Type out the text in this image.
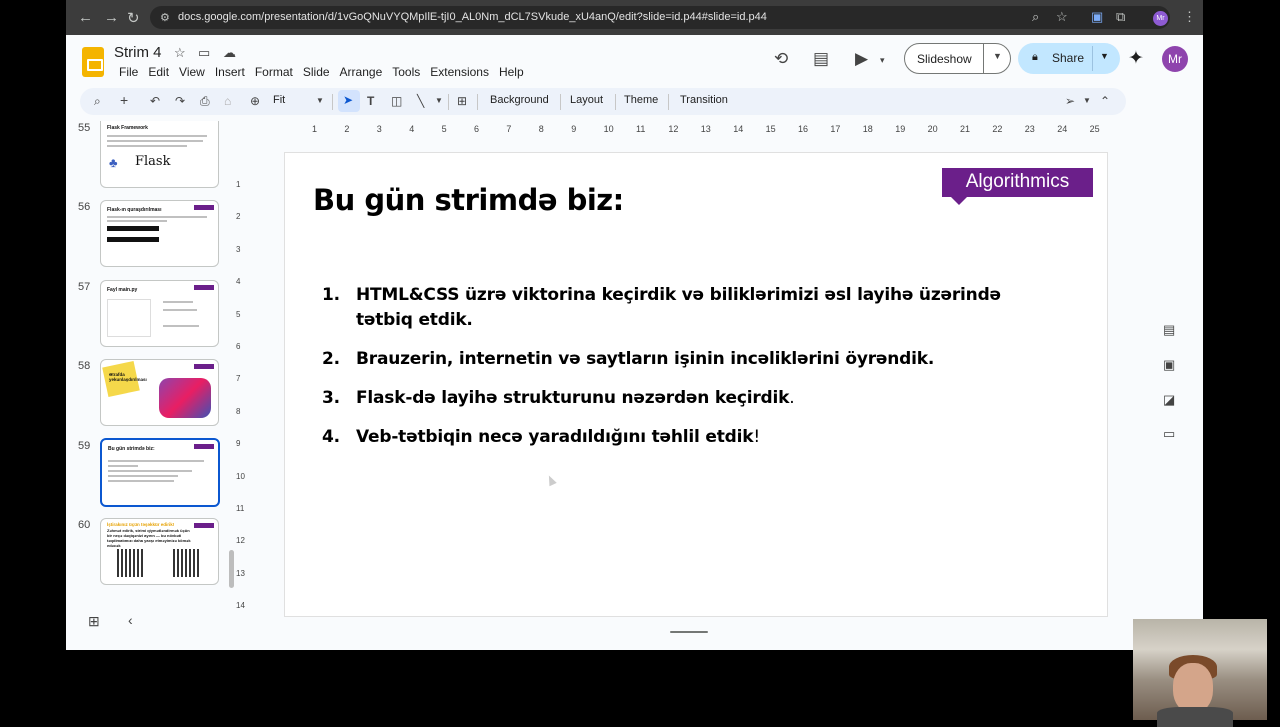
← → ↻ ⚙ docs.google.com/presentation/d/1vGoQNuVYQMpIlE-tjI0_AL0Nm_dCL7SVkude_xU4anQ/edit?slide=id.p44#slide=id.p44	⌕ ☆ ▣ ⧉	Mr ⋮
Strim 4 ☆ ▭ ☁
File Edit View Insert Format Slide Arrange Tools Extensions Help
⟲ ▤ ▶ ▾	Slideshow ▼	🔒︎ Share ▼ ✦	Mr
⌕ + ↶ ↷ ⎙ ⌂ ⊕ Fit	▼ ➤ T ◫ ╲ ▼ ⊞ Background Layout Theme Transition	➢ ▼ ⌃
55	Flask Framework
♣ Flask
56	Flask-ın quraşdırılması
57	Fayl main.py
58
Ətrafda yekunlaşdırılması
59	Bu gün strimdə biz:
60	İştirakınız üçün təşəkkür edirik!
Zəhmət edirik, strimi qiymətləndirmək üçün bir neçə dəqiqənizi ayırın — bu növbəti təqdimatımızı daha yaxşı etməyimizə kömək edəcək
⊞ ‹
1	2	3	4	5	6	7	8	9	10 11	12 13 14 15 16 17 18 19 20 21 22 23 24 25
1
2
3
4
5
6
7
8
9
10
11
12
13
14
Bu gün strimdə biz:
Algorithmics
1. HTML&CSS üzrə viktorina keçirdik və biliklərimizi əsl layihə üzərində tətbiq etdik.
2. Brauzerin, internetin və saytların işinin incəliklərini öyrəndik.
3. Flask-də layihə strukturunu nəzərdən keçirdik.
4. Veb-tətbiqin necə yaradıldığını təhlil etdik!
▤
▣
◪
▭
